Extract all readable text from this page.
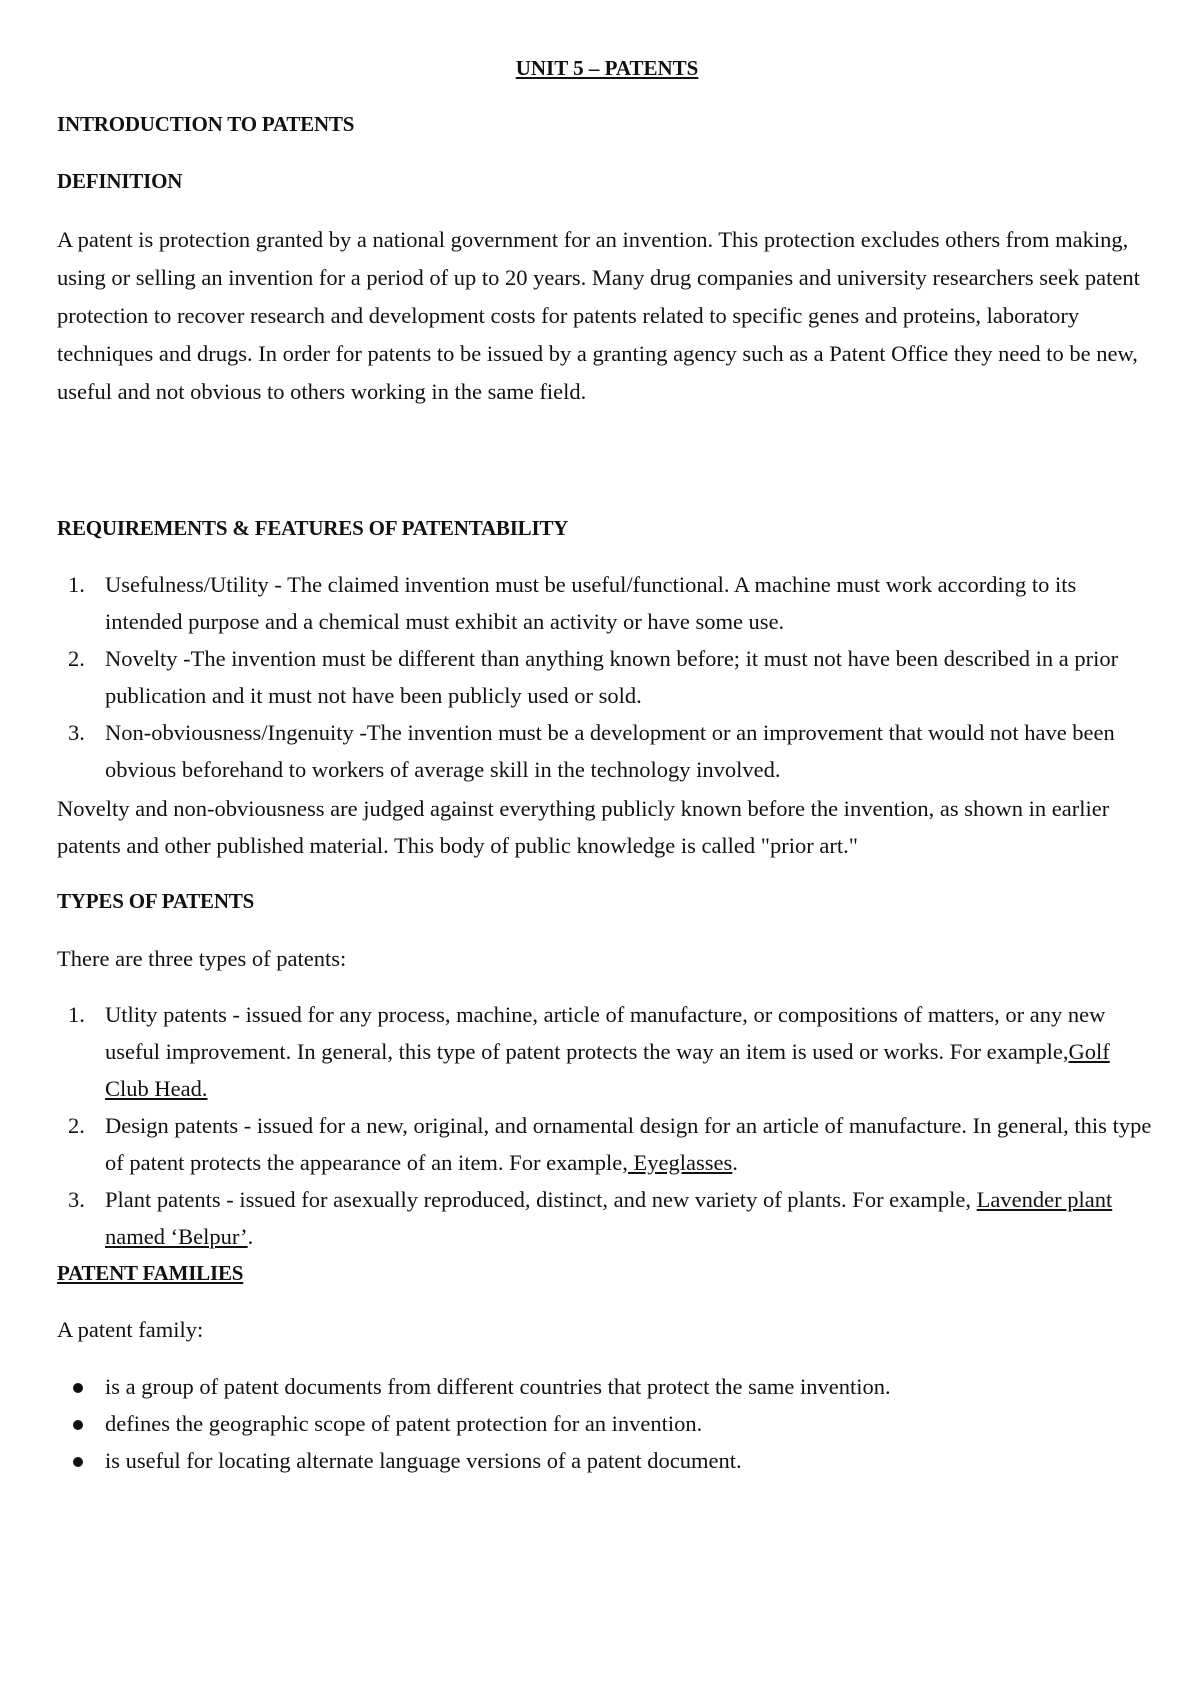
UNIT 5 – PATENTS
INTRODUCTION TO PATENTS
DEFINITION

A patent is protection granted by a national government for an invention. This protection excludes others from making, using or selling an invention for a period of up to 20 years. Many drug companies and university researchers seek patent protection to recover research and development costs for patents related to specific genes and proteins, laboratory techniques and drugs. In order for patents to be issued by a granting agency such as a Patent Office they need to be new, useful and not obvious to others working in the same field.

REQUIREMENTS & FEATURES OF PATENTABILITY
1. Usefulness/Utility - The claimed invention must be useful/functional. A machine must work according to its intended purpose and a chemical must exhibit an activity or have some use.
2. Novelty -The invention must be different than anything known before; it must not have been described in a prior publication and it must not have been publicly used or sold.
3. Non-obviousness/Ingenuity -The invention must be a development or an improvement that would not have been obvious beforehand to workers of average skill in the technology involved.

Novelty and non-obviousness are judged against everything publicly known before the invention, as shown in earlier patents and other published material. This body of public knowledge is called "prior art."

TYPES OF PATENTS

There are three types of patents:

1. Utlity patents - issued for any process, machine, article of manufacture, or compositions of matters, or any new useful improvement. In general, this type of patent protects the way an item is used or works. For example,Golf Club Head.
2. Design patents - issued for a new, original, and ornamental design for an article of manufacture. In general, this type of patent protects the appearance of an item. For example, Eyeglasses.
3. Plant patents - issued for asexually reproduced, distinct, and new variety of plants. For example, Lavender plant named ‘Belpur’.
PATENT FAMILIES

A patent family:

is a group of patent documents from different countries that protect the same invention.
defines the geographic scope of patent protection for an invention.
is useful for locating alternate language versions of a patent document.
